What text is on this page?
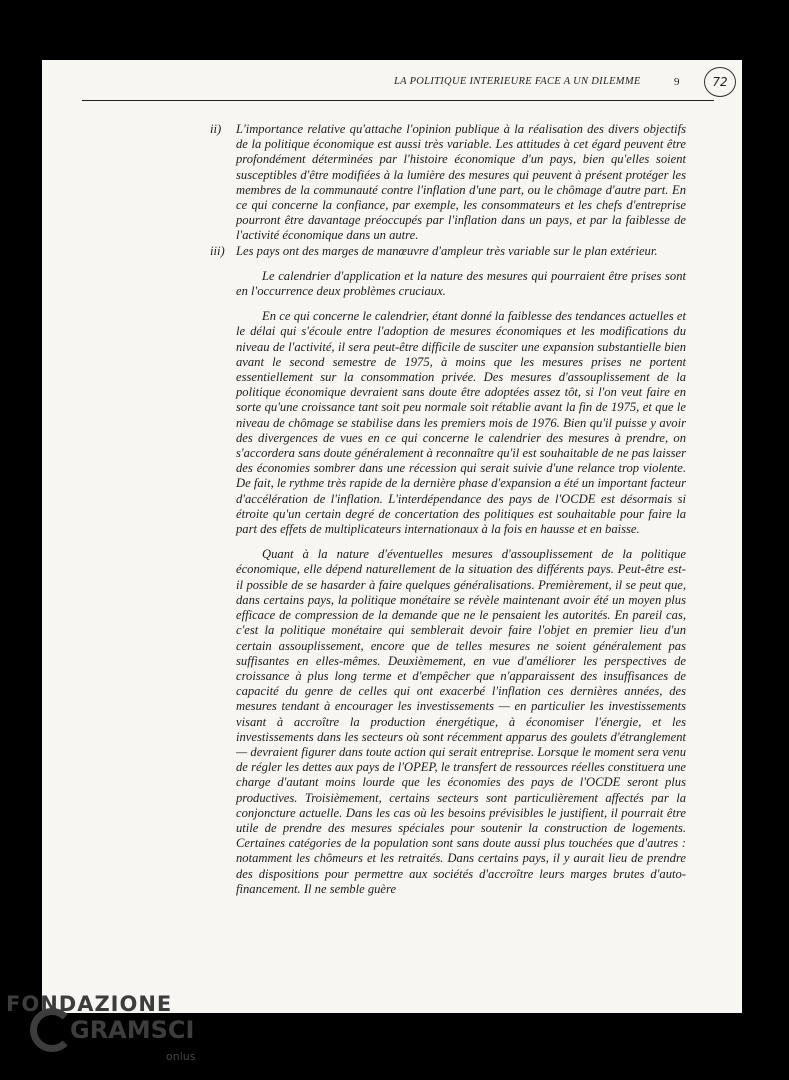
LA POLITIQUE INTERIEURE FACE A UN DILEMME	9	72
ii)	L'importance relative qu'attache l'opinion publique à la réalisation des divers objectifs de la politique économique est aussi très variable. Les attitudes à cet égard peuvent être profondément déterminées par l'histoire économique d'un pays, bien qu'elles soient susceptibles d'être modifiées à la lumière des mesures qui peuvent à présent protéger les membres de la communauté contre l'inflation d'une part, ou le chômage d'autre part. En ce qui concerne la confiance, par exemple, les consommateurs et les chefs d'entreprise pourront être davantage préoccupés par l'inflation dans un pays, et par la faiblesse de l'activité économique dans un autre.
iii) Les pays ont des marges de manœuvre d'ampleur très variable sur le plan extérieur.

Le calendrier d'application et la nature des mesures qui pourraient être prises sont en l'occurrence deux problèmes cruciaux.

En ce qui concerne le calendrier, étant donné la faiblesse des tendances actuelles et le délai qui s'écoule entre l'adoption de mesures économiques et les modifications du niveau de l'activité, il sera peut-être difficile de susciter une expansion substantielle bien avant le second semestre de 1975, à moins que les mesures prises ne portent essentiellement sur la consommation privée. Des mesures d'assouplissement de la politique économique devraient sans doute être adoptées assez tôt, si l'on veut faire en sorte qu'une croissance tant soit peu normale soit rétablie avant la fin de 1975, et que le niveau de chômage se stabilise dans les premiers mois de 1976. Bien qu'il puisse y avoir des divergences de vues en ce qui concerne le calendrier des mesures à prendre, on s'accordera sans doute généralement à reconnaître qu'il est souhaitable de ne pas laisser des économies sombrer dans une récession qui serait suivie d'une relance trop violente. De fait, le rythme très rapide de la dernière phase d'expansion a été un important facteur d'accélération de l'inflation. L'interdépendance des pays de l'OCDE est désormais si étroite qu'un certain degré de concertation des politiques est souhaitable pour faire la part des effets de multiplicateurs internationaux à la fois en hausse et en baisse.

Quant à la nature d'éventuelles mesures d'assouplissement de la politique économique, elle dépend naturellement de la situation des différents pays. Peut-être est-il possible de se hasarder à faire quelques généralisations. Premièrement, il se peut que, dans certains pays, la politique monétaire se révèle maintenant avoir été un moyen plus efficace de compression de la demande que ne le pensaient les autorités. En pareil cas, c'est la politique monétaire qui semblerait devoir faire l'objet en premier lieu d'un certain assouplissement, encore que de telles mesures ne soient généralement pas suffisantes en elles-mêmes. Deuxièmement, en vue d'améliorer les perspectives de croissance à plus long terme et d'empêcher que n'apparaissent des insuffisances de capacité du genre de celles qui ont exacerbé l'inflation ces dernières années, des mesures tendant à encourager les investissements — en particulier les investissements visant à accroître la production énergétique, à économiser l'énergie, et les investissements dans les secteurs où sont récemment apparus des goulets d'étranglement — devraient figurer dans toute action qui serait entreprise. Lorsque le moment sera venu de régler les dettes aux pays de l'OPEP, le transfert de ressources réelles constituera une charge d'autant moins lourde que les économies des pays de l'OCDE seront plus productives. Troisièmement, certains secteurs sont particulièrement affectés par la conjoncture actuelle. Dans les cas où les besoins prévisibles le justifient, il pourrait être utile de prendre des mesures spéciales pour soutenir la construction de logements. Certaines catégories de la population sont sans doute aussi plus touchées que d'autres : notamment les chômeurs et les retraités. Dans certains pays, il y aurait lieu de prendre des dispositions pour permettre aux sociétés d'accroître leurs marges brutes d'auto-financement. Il ne semble guère

FONDAZIONE
GRAMSCI
onlus
